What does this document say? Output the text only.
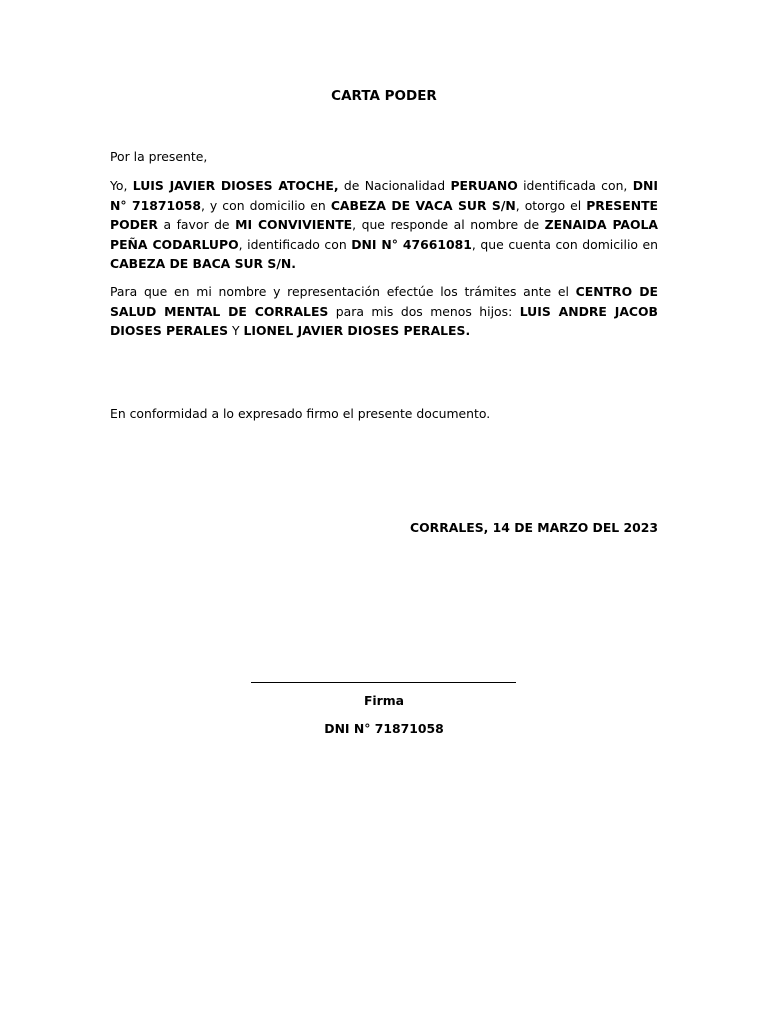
CARTA PODER
Por la presente,
Yo, LUIS JAVIER DIOSES ATOCHE, de Nacionalidad PERUANO identificada con, DNI N° 71871058, y con domicilio en CABEZA DE VACA SUR S/N, otorgo el PRESENTE PODER a favor de MI CONVIVIENTE, que responde al nombre de ZENAIDA PAOLA PEÑA CODARLUPO, identificado con DNI N° 47661081, que cuenta con domicilio en CABEZA DE BACA SUR S/N.
Para que en mi nombre y representación efectúe los trámites ante el CENTRO DE SALUD MENTAL DE CORRALES para mis dos menos hijos: LUIS ANDRE JACOB DIOSES PERALES Y LIONEL JAVIER DIOSES PERALES.
En conformidad a lo expresado firmo el presente documento.
CORRALES, 14 DE MARZO DEL 2023
Firma
DNI N° 71871058
